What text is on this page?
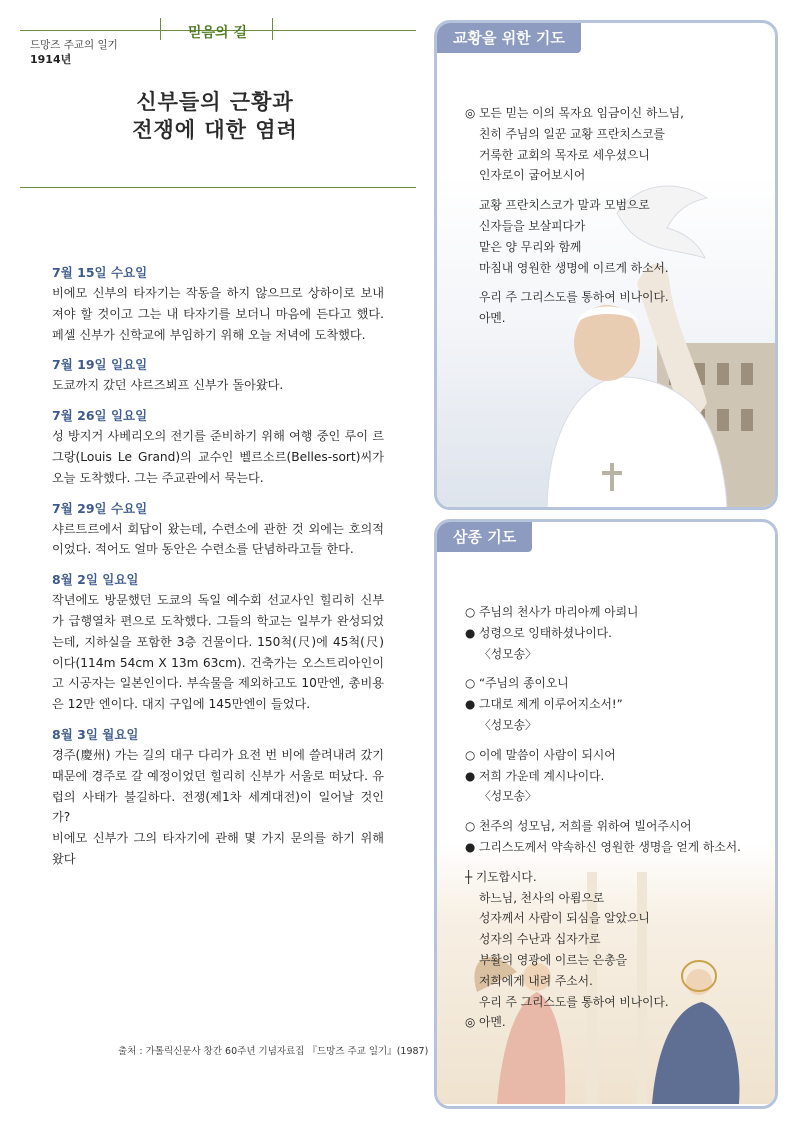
믿음의 길
드망즈 주교의 일기
1914년
신부들의 근황과
전쟁에 대한 염려

7월 15일 수요일

비에모 신부의 타자기는 작동을 하지 않으므로 상하이로 보내져야 할 것이고 그는 내 타자기를 보더니 마음에 든다고 했다. 페셀 신부가 신학교에 부임하기 위해 오늘 저녁에 도착했다.

7월 19일 일요일

도쿄까지 갔던 샤르즈뵈프 신부가 돌아왔다.

7월 26일 일요일

성 방지거 사베리오의 전기를 준비하기 위해 여행 중인 루이 르 그랑(Louis Le Grand)의 교수인 벨르소르(Belles-sort)씨가 오늘 도착했다. 그는 주교관에서 묵는다.

7월 29일 수요일

샤르트르에서 회답이 왔는데, 수련소에 관한 것 외에는 호의적이었다. 적어도 얼마 동안은 수련소를 단념하라고들 한다.

8월 2일 일요일

작년에도 방문했던 도쿄의 독일 예수회 선교사인 힐리히 신부가 급행열차 편으로 도착했다. 그들의 학교는 일부가 완성되었는데, 지하실을 포함한 3층 건물이다. 150척(尺)에 45척(尺)이다(114m 54cm X 13m 63cm). 건축가는 오스트리아인이고 시공자는 일본인이다. 부속물을 제외하고도 10만엔, 총비용은 12만 엔이다. 대지 구입에 145만엔이 들었다.

8월 3일 월요일

경주(慶州) 가는 길의 대구 다리가 요전 번 비에 쓸려내려 갔기 때문에 경주로 갈 예정이었던 힐리히 신부가 서울로 떠났다. 유럽의 사태가 불길하다. 전쟁(제1차 세계대전)이 일어날 것인가?

비에모 신부가 그의 타자기에 관해 몇 가지 문의를 하기 위해 왔다

출처 : 가톨릭신문사 창간 60주년 기념자료집 『드망즈 주교 일기』(1987)
교황을 위한 기도

◎ 모든 믿는 이의 목자요 임금이신 하느님,

친히 주님의 일꾼 교황 프란치스코를

거룩한 교회의 목자로 세우셨으니

인자로이 굽어보시어

교황 프란치스코가 말과 모범으로

신자들을 보살피다가

맡은 양 무리와 함께

마침내 영원한 생명에 이르게 하소서.

우리 주 그리스도를 통하여 비나이다.

아멘.

삼종 기도

○ 주님의 천사가 마리아께 아뢰니

● 성령으로 잉태하셨나이다.

〈성모송〉

○ “주님의 종이오니

● 그대로 제게 이루어지소서!”

〈성모송〉

○ 이에 말씀이 사람이 되시어

● 저희 가운데 계시나이다.

〈성모송〉

○ 천주의 성모님, 저희를 위하여 빌어주시어

● 그리스도께서 약속하신 영원한 생명을 얻게 하소서.

┼ 기도합시다.

하느님, 천사의 아룀으로

성자께서 사람이 되심을 알았으니

성자의 수난과 십자가로

부활의 영광에 이르는 은총을

저희에게 내려 주소서.

우리 주 그리스도를 통하여 비나이다.

◎ 아멘.
